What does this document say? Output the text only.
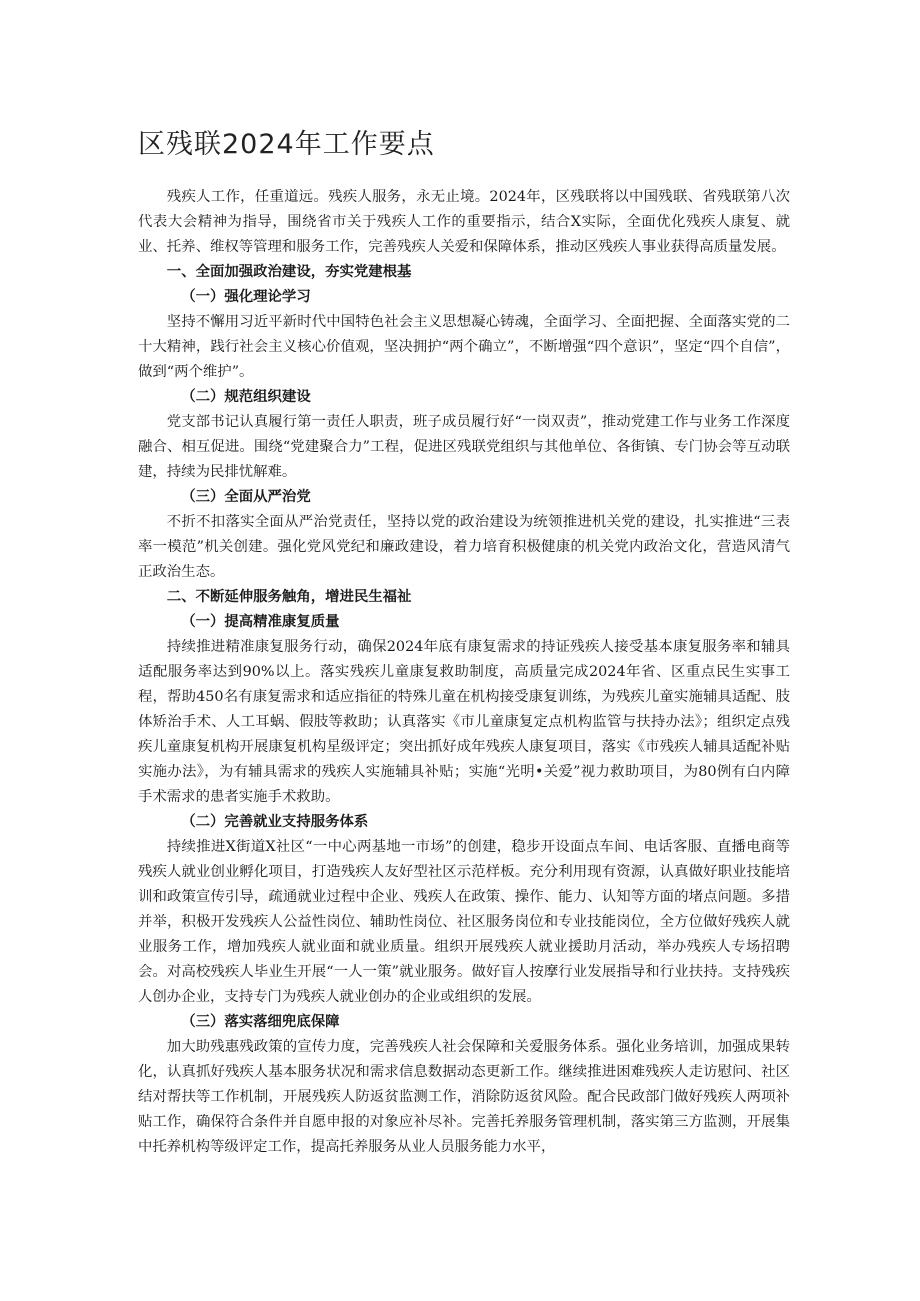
区残联2024年工作要点

残疾人工作，任重道远。残疾人服务，永无止境。2024年，区残联将以中国残联、省残联第八次代表大会精神为指导，围绕省市关于残疾人工作的重要指示，结合X实际，全面优化残疾人康复、就业、托养、维权等管理和服务工作，完善残疾人关爱和保障体系，推动区残疾人事业获得高质量发展。

一、全面加强政治建设，夯实党建根基

（一）强化理论学习

坚持不懈用习近平新时代中国特色社会主义思想凝心铸魂，全面学习、全面把握、全面落实党的二十大精神，践行社会主义核心价值观，坚决拥护“两个确立”，不断增强“四个意识”，坚定“四个自信”，做到“两个维护”。

（二）规范组织建设

党支部书记认真履行第一责任人职责，班子成员履行好“一岗双责”，推动党建工作与业务工作深度融合、相互促进。围绕“党建聚合力”工程，促进区残联党组织与其他单位、各街镇、专门协会等互动联建，持续为民排忧解难。

（三）全面从严治党

不折不扣落实全面从严治党责任，坚持以党的政治建设为统领推进机关党的建设，扎实推进“三表率一模范”机关创建。强化党风党纪和廉政建设，着力培育积极健康的机关党内政治文化，营造风清气正政治生态。

二、不断延伸服务触角，增进民生福祉

（一）提高精准康复质量

持续推进精准康复服务行动，确保2024年底有康复需求的持证残疾人接受基本康复服务率和辅具适配服务率达到90%以上。落实残疾儿童康复救助制度，高质量完成2024年省、区重点民生实事工程，帮助450名有康复需求和适应指征的特殊儿童在机构接受康复训练，为残疾儿童实施辅具适配、肢体矫治手术、人工耳蜗、假肢等救助；认真落实《市儿童康复定点机构监管与扶持办法》；组织定点残疾儿童康复机构开展康复机构星级评定；突出抓好成年残疾人康复项目，落实《市残疾人辅具适配补贴实施办法》，为有辅具需求的残疾人实施辅具补贴；实施“光明•关爱”视力救助项目，为80例有白内障手术需求的患者实施手术救助。

（二）完善就业支持服务体系

持续推进X街道X社区“一中心两基地一市场”的创建，稳步开设面点车间、电话客服、直播电商等残疾人就业创业孵化项目，打造残疾人友好型社区示范样板。充分利用现有资源，认真做好职业技能培训和政策宣传引导，疏通就业过程中企业、残疾人在政策、操作、能力、认知等方面的堵点问题。多措并举，积极开发残疾人公益性岗位、辅助性岗位、社区服务岗位和专业技能岗位，全方位做好残疾人就业服务工作，增加残疾人就业面和就业质量。组织开展残疾人就业援助月活动，举办残疾人专场招聘会。对高校残疾人毕业生开展“一人一策”就业服务。做好盲人按摩行业发展指导和行业扶持。支持残疾人创办企业，支持专门为残疾人就业创办的企业或组织的发展。

（三）落实落细兜底保障

加大助残惠残政策的宣传力度，完善残疾人社会保障和关爱服务体系。强化业务培训，加强成果转化，认真抓好残疾人基本服务状况和需求信息数据动态更新工作。继续推进困难残疾人走访慰问、社区结对帮扶等工作机制，开展残疾人防返贫监测工作，消除防返贫风险。配合民政部门做好残疾人两项补贴工作，确保符合条件并自愿申报的对象应补尽补。完善托养服务管理机制，落实第三方监测，开展集中托养机构等级评定工作，提高托养服务从业人员服务能力水平，
